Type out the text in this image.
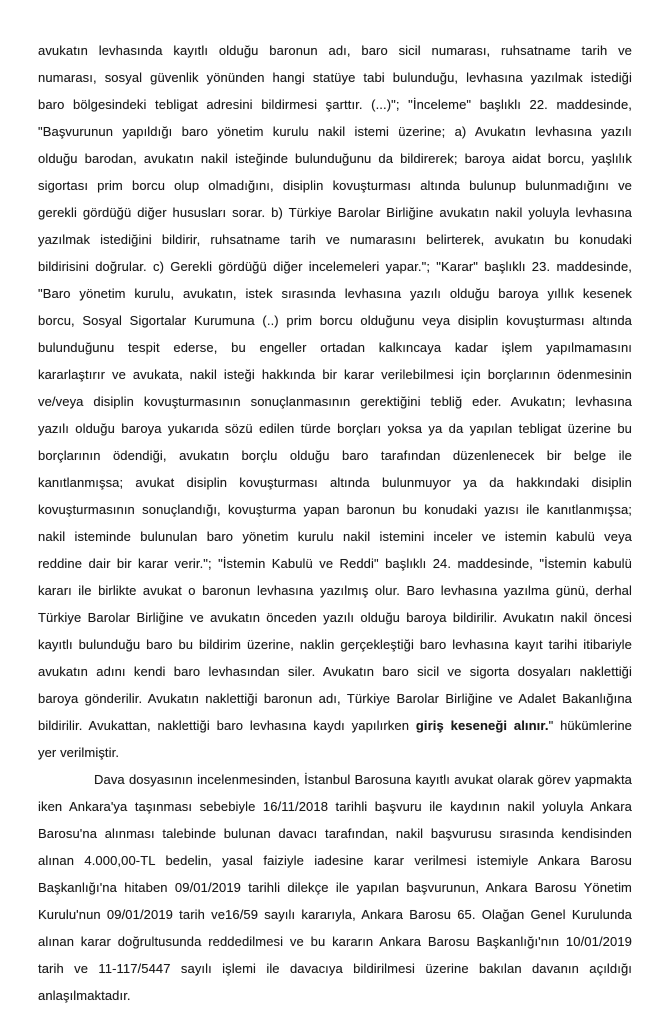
avukatın levhasında kayıtlı olduğu baronun adı, baro sicil numarası, ruhsatname tarih ve
numarası, sosyal güvenlik yönünden hangi statüye tabi bulunduğu, levhasına yazılmak istediği
baro bölgesindeki tebligat adresini bildirmesi şarttır. (...)"; "İnceleme" başlıklı 22. maddesinde,
"Başvurunun yapıldığı baro yönetim kurulu nakil istemi üzerine; a) Avukatın levhasına yazılı
olduğu barodan, avukatın nakil isteğinde bulunduğunu da bildirerek; baroya aidat borcu, yaşlılık
sigortası prim borcu olup olmadığını, disiplin kovuşturması altında bulunup bulunmadığını ve
gerekli gördüğü diğer hususları sorar. b) Türkiye Barolar Birliğine avukatın nakil yoluyla levhasına
yazılmak istediğini bildirir, ruhsatname tarih ve numarasını belirterek, avukatın bu konudaki
bildirisini doğrular. c) Gerekli gördüğü diğer incelemeleri yapar."; "Karar" başlıklı 23. maddesinde,
"Baro yönetim kurulu, avukatın, istek sırasında levhasına yazılı olduğu baroya yıllık kesenek
borcu, Sosyal Sigortalar Kurumuna (..) prim borcu olduğunu veya disiplin kovuşturması altında
bulunduğunu tespit ederse, bu engeller ortadan kalkıncaya kadar işlem yapılmamasını
kararlaştırır ve avukata, nakil isteği hakkında bir karar verilebilmesi için borçlarının ödenmesinin
ve/veya disiplin kovuşturmasının sonuçlanmasının gerektiğini tebliğ eder. Avukatın; levhasına
yazılı olduğu baroya yukarıda sözü edilen türde borçları yoksa ya da yapılan tebligat üzerine bu
borçlarının ödendiği, avukatın borçlu olduğu baro tarafından düzenlenecek bir belge ile
kanıtlanmışsa; avukat disiplin kovuşturması altında bulunmuyor ya da hakkındaki disiplin
kovuşturmasının sonuçlandığı, kovuşturma yapan baronun bu konudaki yazısı ile kanıtlanmışsa;
nakil isteminde bulunulan baro yönetim kurulu nakil istemini inceler ve istemin kabulü veya
reddine dair bir karar verir."; "İstemin Kabulü ve Reddi" başlıklı 24. maddesinde, "İstemin kabulü
kararı ile birlikte avukat o baronun levhasına yazılmış olur. Baro levhasına yazılma günü, derhal
Türkiye Barolar Birliğine ve avukatın önceden yazılı olduğu baroya bildirilir. Avukatın nakil öncesi
kayıtlı bulunduğu baro bu bildirim üzerine, naklin gerçekleştiği baro levhasına kayıt tarihi itibariyle
avukatın adını kendi baro levhasından siler. Avukatın baro sicil ve sigorta dosyaları naklettiği
baroya gönderilir. Avukatın naklettiği baronun adı, Türkiye Barolar Birliğine ve Adalet Bakanlığına
bildirilir. Avukattan, naklettiği baro levhasına kaydı yapılırken giriş keseneği alınır." hükümlerine
yer verilmiştir.
Dava dosyasının incelenmesinden, İstanbul Barosuna kayıtlı avukat olarak görev yapmakta
iken Ankara'ya taşınması sebebiyle 16/11/2018 tarihli başvuru ile kaydının nakil yoluyla Ankara
Barosu'na alınması talebinde bulunan davacı tarafından, nakil başvurusu sırasında kendisinden
alınan 4.000,00-TL bedelin, yasal faiziyle iadesine karar verilmesi istemiyle Ankara Barosu
Başkanlığı'na hitaben 09/01/2019 tarihli dilekçe ile yapılan başvurunun, Ankara Barosu Yönetim
Kurulu'nun 09/01/2019 tarih ve16/59 sayılı kararıyla, Ankara Barosu 65. Olağan Genel Kurulunda
alınan karar doğrultusunda reddedilmesi ve bu kararın Ankara Barosu Başkanlığı'nın 10/01/2019
tarih ve 11-117/5447 sayılı işlemi ile davacıya bildirilmesi üzerine bakılan davanın açıldığı
anlaşılmaktadır.
